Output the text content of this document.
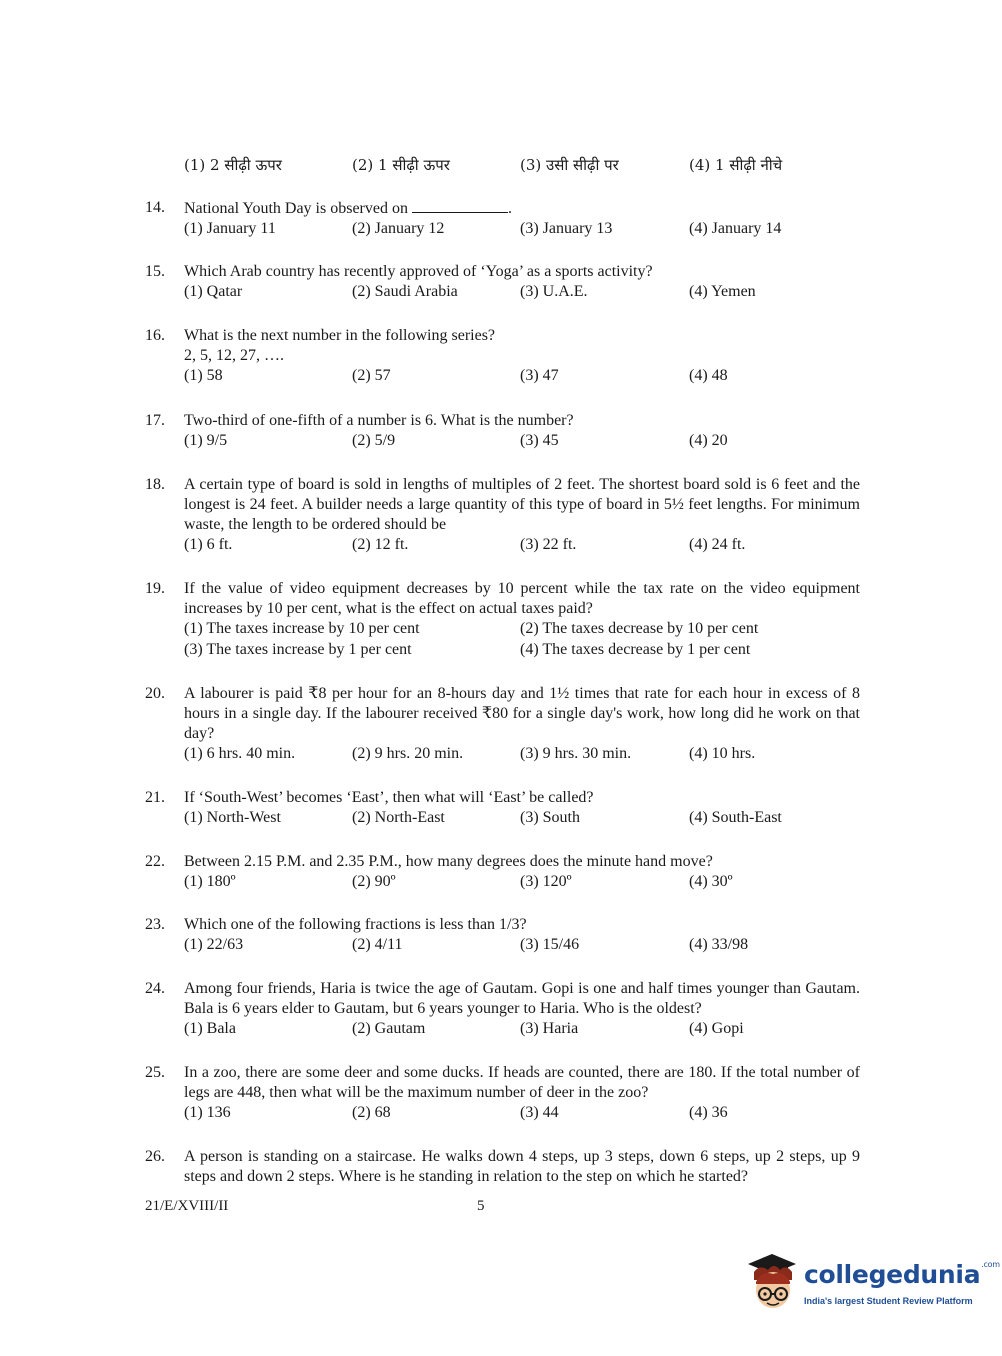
(1) 2 सीढ़ी ऊपर	(2) 1 सीढ़ी ऊपर	(3) उसी सीढ़ी पर	(4) 1 सीढ़ी नीचे
14.	National Youth Day is observed on	.
(1) January 11	(2) January 12	(3) January 13	(4) January 14
15.	Which Arab country has recently approved of ‘Yoga’ as a sports activity?
(1) Qatar	(2) Saudi Arabia	(3) U.A.E.	(4) Yemen
16.	What is the next number in the following series?
2, 5, 12, 27, ….
(1) 58	(2) 57	(3) 47	(4) 48
17.	Two-third of one-fifth of a number is 6. What is the number?
(1) 9/5	(2) 5/9	(3) 45	(4) 20
18.	A certain type of board is sold in lengths of multiples of 2 feet. The shortest board sold is 6 feet and the longest is 24 feet. A builder needs a large quantity of this type of board in 5½ feet lengths. For minimum waste, the length to be ordered should be
(1) 6 ft.	(2) 12 ft.	(3) 22 ft.	(4) 24 ft.
19.	If the value of video equipment decreases by 10 percent while the tax rate on the video equipment increases by 10 per cent, what is the effect on actual taxes paid?
(1) The taxes increase by 10 per cent	(2) The taxes decrease by 10 per cent
(3) The taxes increase by 1 per cent	(4) The taxes decrease by 1 per cent
20.	A labourer is paid ₹8 per hour for an 8-hours day and 1½ times that rate for each hour in excess of 8 hours in a single day. If the labourer received ₹80 for a single day's work, how long did he work on that day?
(1) 6 hrs. 40 min.	(2) 9 hrs. 20 min.	(3) 9 hrs. 30 min.	(4) 10 hrs.
21.	If ‘South-West’ becomes ‘East’, then what will ‘East’ be called?
(1) North-West	(2) North-East	(3) South	(4) South-East
22.	Between 2.15 P.M. and 2.35 P.M., how many degrees does the minute hand move?
(1) 180º	(2) 90º	(3) 120º	(4) 30º
23.	Which one of the following fractions is less than 1/3?
(1) 22/63	(2) 4/11	(3) 15/46	(4) 33/98
24.	Among four friends, Haria is twice the age of Gautam. Gopi is one and half times younger than Gautam. Bala is 6 years elder to Gautam, but 6 years younger to Haria. Who is the oldest?
(1) Bala	(2) Gautam	(3) Haria	(4) Gopi
25.	In a zoo, there are some deer and some ducks. If heads are counted, there are 180. If the total number of legs are 448, then what will be the maximum number of deer in the zoo?
(1) 136	(2) 68	(3) 44	(4) 36
26.	A person is standing on a staircase. He walks down 4 steps, up 3 steps, down 6 steps, up 2 steps, up 9 steps and down 2 steps. Where is he standing in relation to the step on which he started?
21/E/XVIII/II	5
collegedunia$^{.com}$
India's largest Student Review Platform
